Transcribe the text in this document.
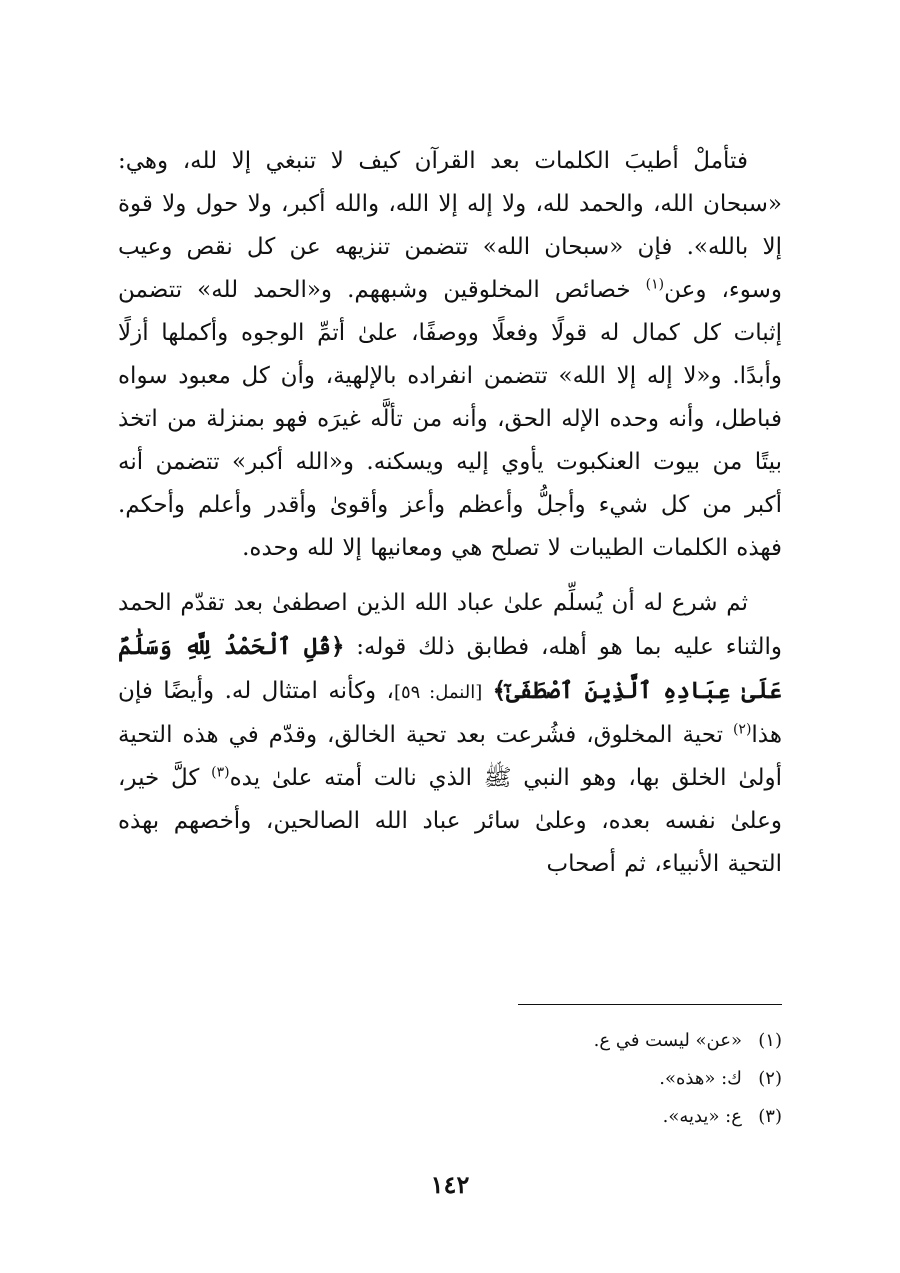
فتأملْ أطيبَ الكلمات بعد القرآن كيف لا تنبغي إلا لله، وهي: «سبحان الله، والحمد لله، ولا إله إلا الله، والله أكبر، ولا حول ولا قوة إلا بالله». فإن «سبحان الله» تتضمن تنزيهه عن كل نقص وعيب وسوء، وعن$^{(١)}$ خصائص المخلوقين وشبههم. و«الحمد لله» تتضمن إثبات كل كمال له قولًا وفعلًا ووصفًا، علىٰ أتمِّ الوجوه وأكملها أزلًا وأبدًا. و«لا إله إلا الله» تتضمن انفراده بالإلهية، وأن كل معبود سواه فباطل، وأنه وحده الإله الحق، وأنه من تألَّه غيرَه فهو بمنزلة من اتخذ بيتًا من بيوت العنكبوت يأوي إليه ويسكنه. و«الله أكبر» تتضمن أنه أكبر من كل شيء وأجلُّ وأعظم وأعز وأقوىٰ وأقدر وأعلم وأحكم. فهذه الكلمات الطيبات لا تصلح هي ومعانيها إلا لله وحده.

ثم شرع له أن يُسلِّم علىٰ عباد الله الذين اصطفىٰ بعد تقدّم الحمد والثناء عليه بما هو أهله، فطابق ذلك قوله: ﴿قُلِ ٱلْحَمْدُ لِلَّهِ وَسَلَٰمٌ عَلَىٰ عِبَادِهِ ٱلَّذِينَ ٱصْطَفَىٰٓ﴾ [النمل: ٥٩]، وكأنه امتثال له. وأيضًا فإن هذا$^{(٢)}$ تحية المخلوق، فشُرعت بعد تحية الخالق، وقدّم في هذه التحية أولىٰ الخلق بها، وهو النبي ﷺ الذي نالت أمته علىٰ يده$^{(٣)}$ كلَّ خير، وعلىٰ نفسه بعده، وعلىٰ سائر عباد الله الصالحين، وأخصهم بهذه التحية الأنبياء، ثم أصحاب

(١)«عن» ليست في ع.
(٢)ك: «هذه».
(٣)ع: «يديه».
١٤٢
